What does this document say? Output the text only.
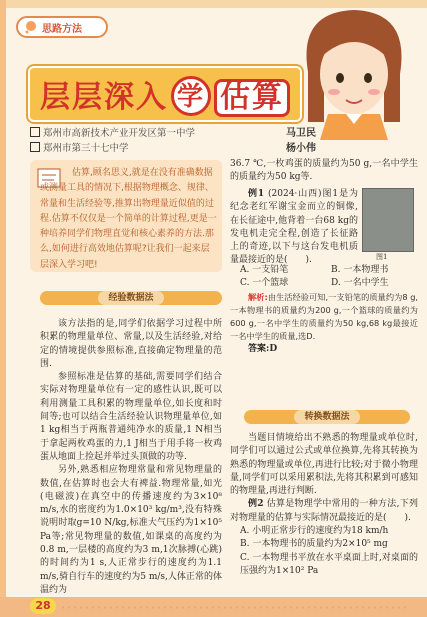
思路方法
层层深入 学 估算
郑州市高新技术产业开发区第一中学	马卫民
郑州市第三十七中学	杨小伟
估算,顾名思义,就是在没有准确数据或测量工具的情况下,根据物理概念、规律、常量和生活经验等,推算出物理量近似值的过程.估算不仅仅是一个简单的计算过程,更是一种培养同学们物理直觉和核心素养的方法.那么,如何进行高效地估算呢?让我们一起来层层深入学习吧!
经验数据法

该方法指的是,同学们依据学习过程中所积累的物理量单位、常量,以及生活经验,对给定的情境提供参照标准,直接确定物理量的范围.

参照标准是估算的基础,需要同学们结合实际对物理量单位有一定的感性认识,既可以利用测量工具积累的物理量单位,如长度和时间等;也可以结合生活经验认识物理量单位,如1 kg相当于两瓶普通纯净水的质量,1 N相当于拿起两枚鸡蛋的力,1 J相当于用手将一枚鸡蛋从地面上捡起并举过头顶做的功等.

另外,熟悉相应物理常量和常见物理量的数值,在估算时也会大有裨益.物理常量,如光(电磁波)在真空中的传播速度约为3×10⁸ m/s,水的密度约为1.0×10³ kg/m³,没有特殊说明时取g=10 N/kg,标准大气压约为1×10⁵ Pa等;常见物理量的数值,如课桌的高度约为0.8 m,一层楼的高度约为3 m,1次脉搏(心跳)的时间约为1 s,人正常步行的速度约为1.1 m/s,骑自行车的速度约为5 m/s,人体正常的体温约为

36.7 ℃,一枚鸡蛋的质量约为50 g,一名中学生的质量约为50 kg等.

例1 (2024·山西)图1是为纪念老红军谢宝金而立的铜像,在长征途中,他背着一台68 kg的发电机走完全程,创造了长征路上的奇迹,以下与这台发电机质量最接近的是(　　).	图1
A. 一支铅笔	B. 一本物理书
C. 一个篮球	D. 一名中学生

解析:由生活经验可知,一支铅笔的质量约为8 g,一本物理书的质量约为200 g,一个篮球的质量约为600 g,一名中学生的质量约为50 kg,68 kg最接近一名中学生的质量,选D.

答案:D

转换数据法

当题目情境给出不熟悉的物理量或单位时,同学们可以通过公式或单位换算,先将其转换为熟悉的物理量或单位,再进行比较;对于微小物理量,同学们可以采用累积法,先将其积累到可感知的物理量,再进行判断.

例2 估算是物理学中常用的一种方法,下列对物理量的估算与实际情况最接近的是(　　).

A. 小明正常步行的速度约为18 km/h

B. 一本物理书的质量约为2×10⁵ mg

C. 一本物理书平放在水平桌面上时,对桌面的压强约为1×10² Pa

28
